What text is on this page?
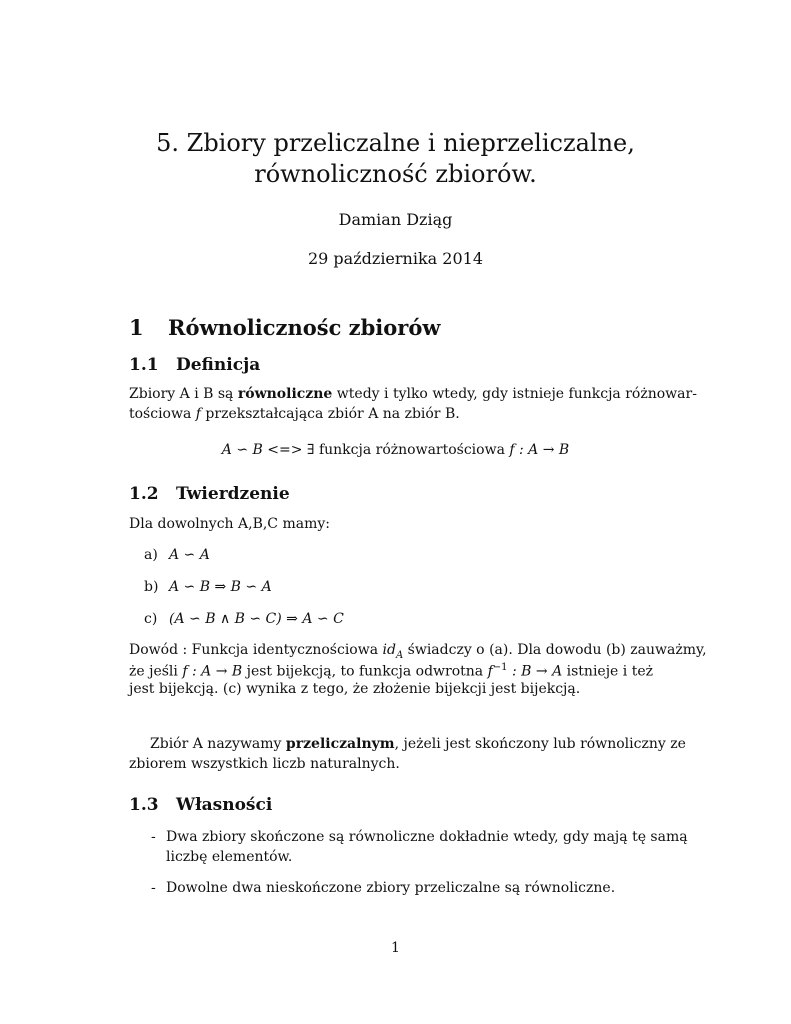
5. Zbiory przeliczalne i nieprzeliczalne,
równoliczność zbiorów.
Damian Dziąg
29 października 2014
1 Równolicznośc zbiorów
1.1 Definicja
Zbiory A i B są równoliczne wtedy i tylko wtedy, gdy istnieje funkcja różnowar-
tościowa f przekształcająca zbiór A na zbiór B.
A ∽ B <=> ∃ funkcja różnowartościowa f : A → B
1.2 Twierdzenie
Dla dowolnych A,B,C mamy:
a) A ∽ A
b) A ∽ B ⇒ B ∽ A
c) (A ∽ B ∧ B ∽ C) ⇒ A ∽ C
Dowód : Funkcja identycznościowa $id_A$ świadczy o (a). Dla dowodu (b) zauważmy,
że jeśli f : A → B jest bijekcją, to funkcja odwrotna $f^{-1}$ : B → A istnieje i też
jest bijekcją. (c) wynika z tego, że złożenie bijekcji jest bijekcją.
Zbiór A nazywamy przeliczalnym, jeżeli jest skończony lub równoliczny ze
zbiorem wszystkich liczb naturalnych.
1.3 Własności
- Dwa zbiory skończone są równoliczne dokładnie wtedy, gdy mają tę samą
liczbę elementów.
- Dowolne dwa nieskończone zbiory przeliczalne są równoliczne.
1
